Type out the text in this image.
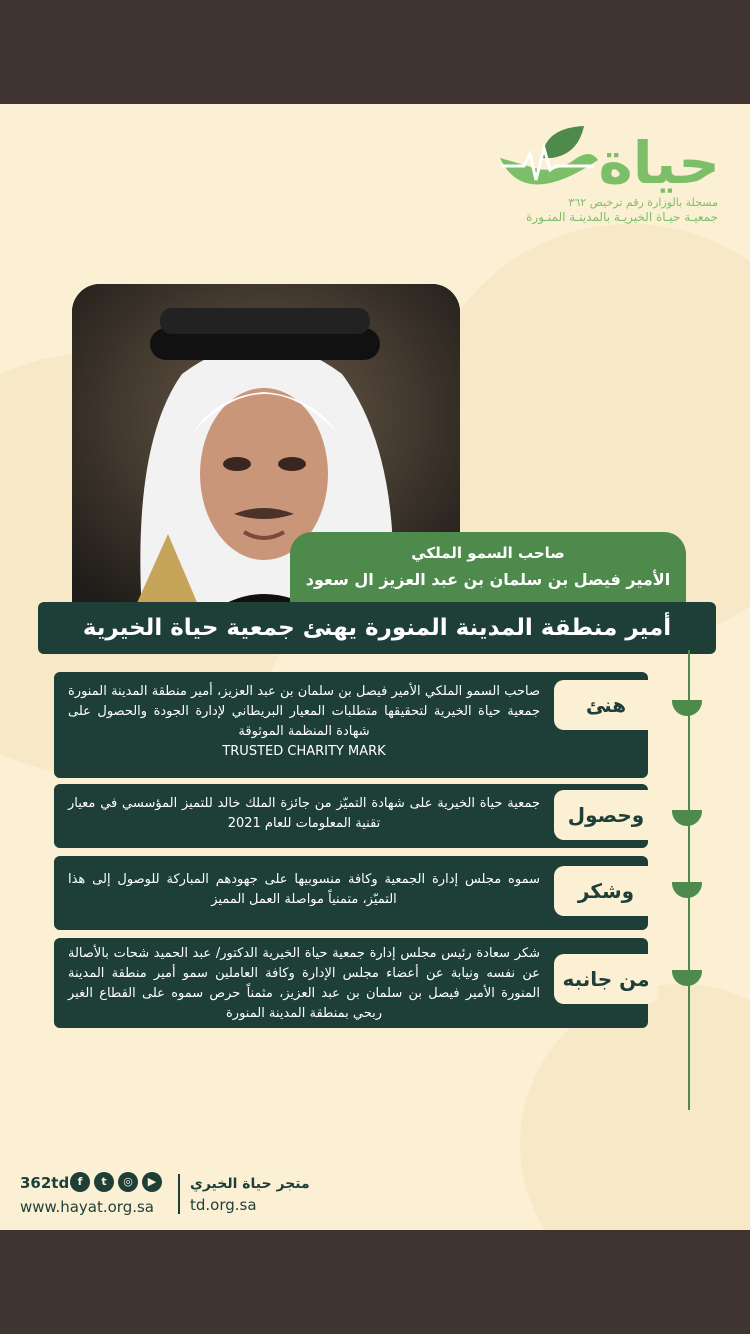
حياة
مسجلة بالوزارة رقم ترخيص ٣٦٢
جمعيـة حيـاة الخيريـة بالمدينـة المنـورة
صاحب السمو الملكي
الأمير فيصل بن سلمان بن عبد العزيز ال سعود
أمير منطقة المدينة المنورة يهنئ جمعية حياة الخيرية
هنئ
صاحب السمو الملكي الأمير فيصل بن سلمان بن عبد العزيز، أمير منطقة المدينة المنورة جمعية حياة الخيرية لتحقيقها متطلبات المعيار البريطاني لإدارة الجودة والحصول على شهادة المنظمة الموثوقة
TRUSTED CHARITY MARK
وحصول
جمعية حياة الخيرية على شهادة التميّز من جائزة الملك خالد للتميز المؤسسي في معيار تقنية المعلومات للعام 2021
وشكر
سموه مجلس إدارة الجمعية وكافة منسوبيها على جهودهم المباركة للوصول إلى هذا التميّز، متمنياً مواصلة العمل المميز
من جانبه
شكر سعادة رئيس مجلس إدارة جمعية حياة الخيرية الدكتور/ عبد الحميد شحات بالأصالة عن نفسه ونيابة عن أعضاء مجلس الإدارة وكافة العاملين سمو أمير منطقة المدينة المنورة الأمير فيصل بن سلمان بن عبد العزيز، مثمناً حرص سموه على القطاع الغير ربحي بمنطقة المدينة المنورة
362td f	t	◎	▶
www.hayat.org.sa
متجر حياة الخيري
td.org.sa
